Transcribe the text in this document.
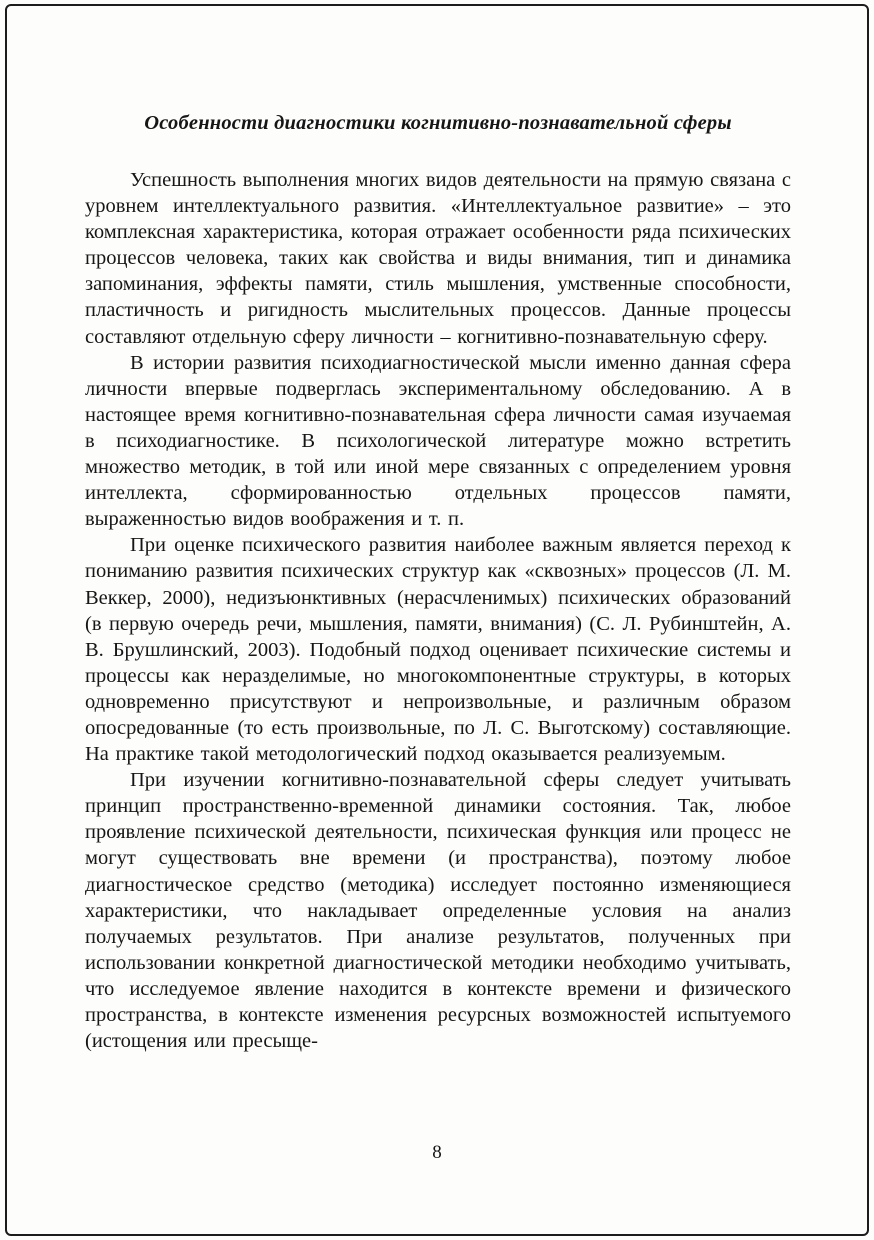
Особенности диагностики когнитивно-познавательной сферы

Успешность выполнения многих видов деятельности на прямую связана с уровнем интеллектуального развития. «Интеллектуальное развитие» – это комплексная характеристика, которая отражает особенности ряда психических процессов человека, таких как свойства и виды внимания, тип и динамика запоминания, эффекты памяти, стиль мышления, умственные способности, пластичность и ригидность мыслительных процессов. Данные процессы составляют отдельную сферу личности – когнитивно-познавательную сферу.

В истории развития психодиагностической мысли именно данная сфера личности впервые подверглась экспериментальному обследованию. А в настоящее время когнитивно-познавательная сфера личности самая изучаемая в психодиагностике. В психологической литературе можно встретить множество методик, в той или иной мере связанных с определением уровня интеллекта, сформированностью отдельных процессов памяти, выраженностью видов воображения и т. п.

При оценке психического развития наиболее важным является переход к пониманию развития психических структур как «сквозных» процессов (Л. М. Веккер, 2000), недизъюнктивных (нерасчленимых) психических образований (в первую очередь речи, мышления, памяти, внимания) (С. Л. Рубинштейн, А. В. Брушлинский, 2003). Подобный подход оценивает психические системы и процессы как неразделимые, но многокомпонентные структуры, в которых одновременно присутствуют и непроизвольные, и различным образом опосредованные (то есть произвольные, по Л. С. Выготскому) составляющие. На практике такой методологический подход оказывается реализуемым.

При изучении когнитивно-познавательной сферы следует учитывать принцип пространственно-временной динамики состояния. Так, любое проявление психической деятельности, психическая функция или процесс не могут существовать вне времени (и пространства), поэтому любое диагностическое средство (методика) исследует постоянно изменяющиеся характеристики, что накладывает определенные условия на анализ получаемых результатов. При анализе результатов, полученных при использовании конкретной диагностической методики необходимо учитывать, что исследуемое явление находится в контексте времени и физического пространства, в контексте изменения ресурсных возможностей испытуемого (истощения или пресыще-

8
